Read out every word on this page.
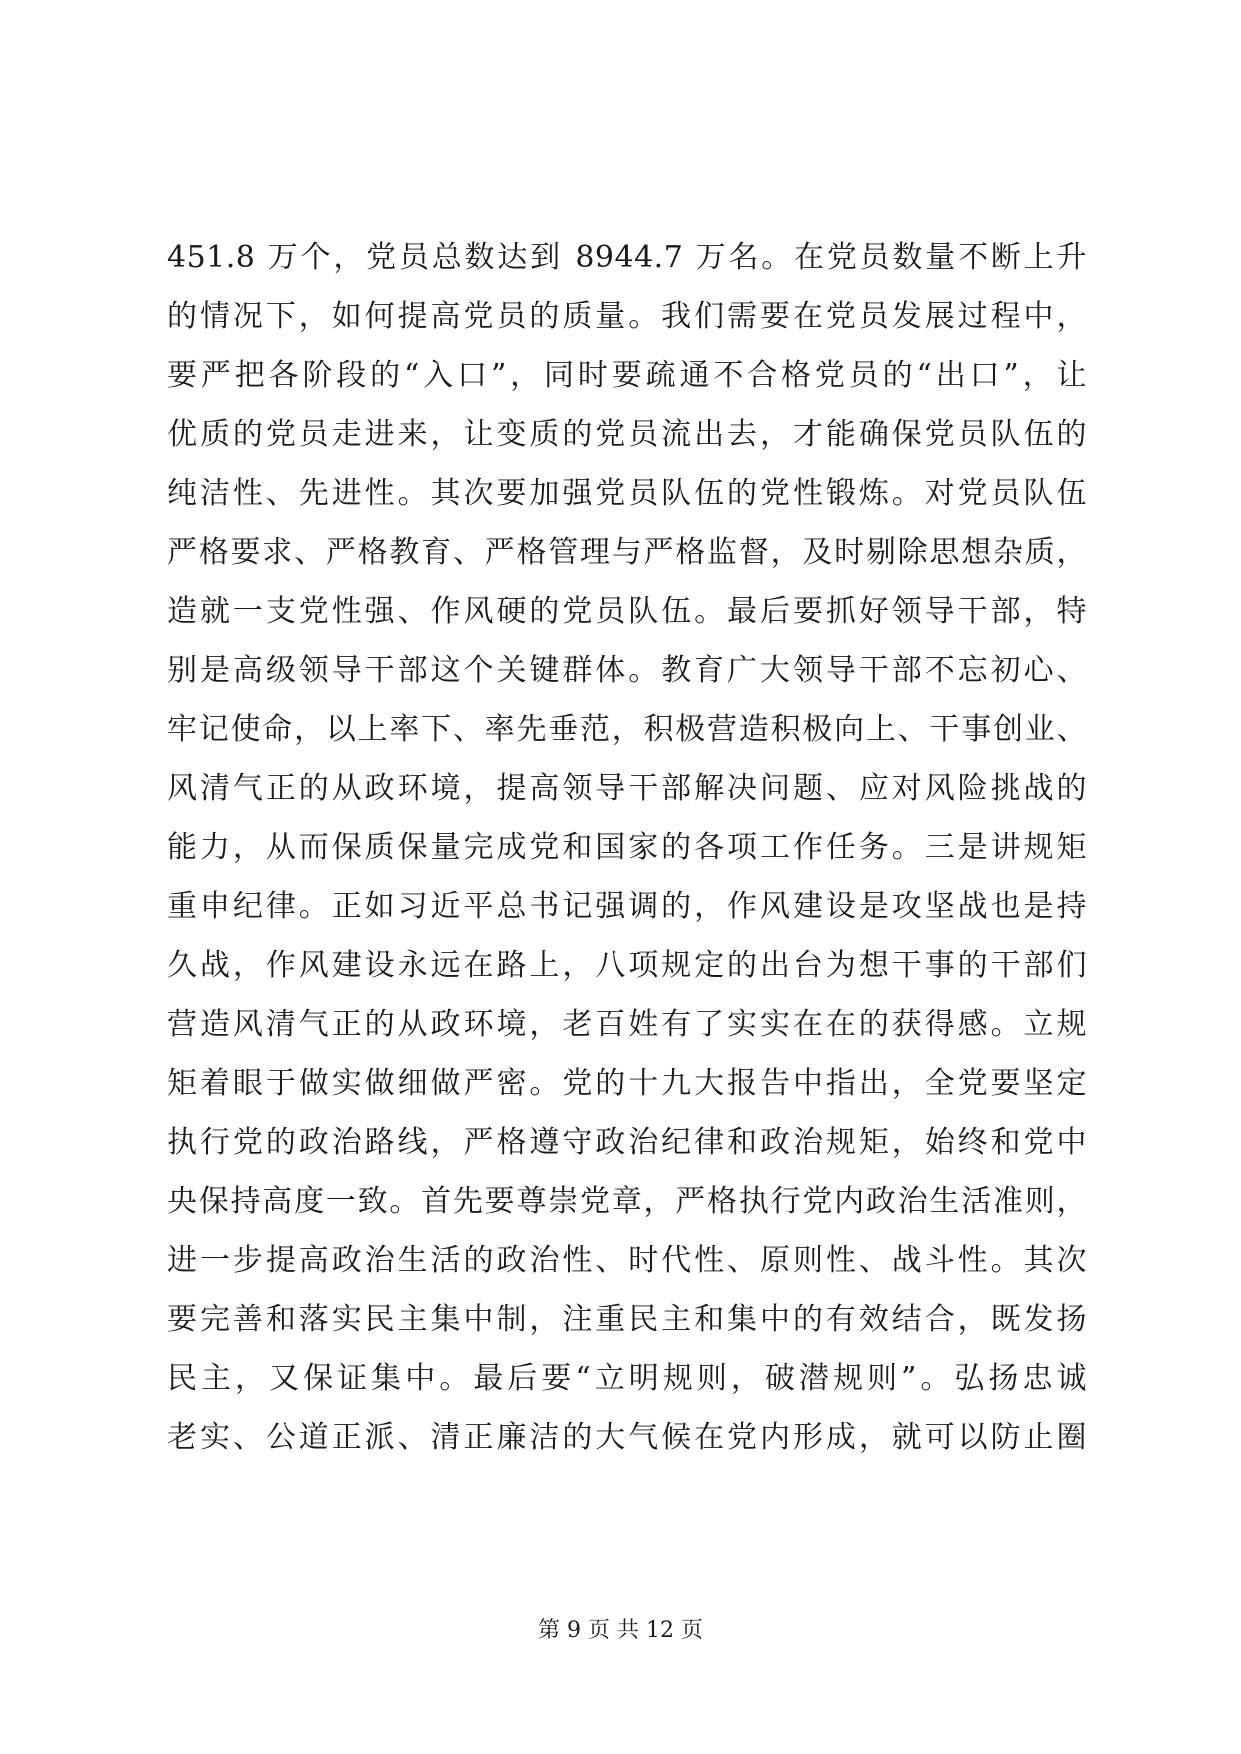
451.8 万个，党员总数达到 8944.7 万名。在党员数量不断上升
的情况下，如何提高党员的质量。我们需要在党员发展过程中，
要严把各阶段的“入口”，同时要疏通不合格党员的“出口”，让
优质的党员走进来，让变质的党员流出去，才能确保党员队伍的
纯洁性、先进性。其次要加强党员队伍的党性锻炼。对党员队伍
严格要求、严格教育、严格管理与严格监督，及时剔除思想杂质，
造就一支党性强、作风硬的党员队伍。最后要抓好领导干部，特
别是高级领导干部这个关键群体。教育广大领导干部不忘初心、
牢记使命，以上率下、率先垂范，积极营造积极向上、干事创业、
风清气正的从政环境，提高领导干部解决问题、应对风险挑战的
能力，从而保质保量完成党和国家的各项工作任务。三是讲规矩
重申纪律。正如习近平总书记强调的，作风建设是攻坚战也是持
久战，作风建设永远在路上，八项规定的出台为想干事的干部们
营造风清气正的从政环境，老百姓有了实实在在的获得感。立规
矩着眼于做实做细做严密。党的十九大报告中指出，全党要坚定
执行党的政治路线，严格遵守政治纪律和政治规矩，始终和党中
央保持高度一致。首先要尊崇党章，严格执行党内政治生活准则，
进一步提高政治生活的政治性、时代性、原则性、战斗性。其次
要完善和落实民主集中制，注重民主和集中的有效结合，既发扬
民主，又保证集中。最后要“立明规则，破潜规则”。弘扬忠诚
老实、公道正派、清正廉洁的大气候在党内形成，就可以防止圈
第 9 页 共 12 页
